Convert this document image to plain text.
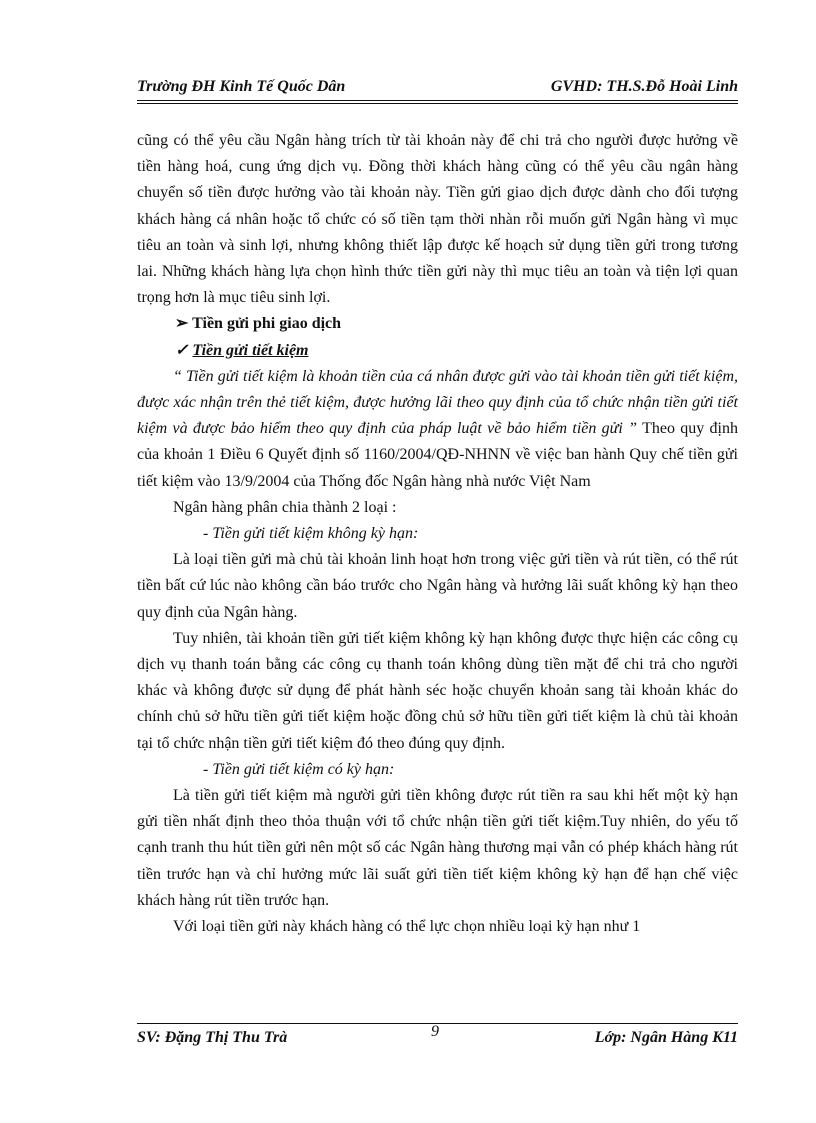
Trường ĐH Kinh Tế Quốc Dân	GVHD: TH.S.Đỗ Hoài Linh

cũng có thể yêu cầu Ngân hàng trích từ tài khoản này để chi trả cho người được hưởng về tiền hàng hoá, cung ứng dịch vụ. Đồng thời khách hàng cũng có thể yêu cầu ngân hàng chuyển số tiền được hưởng vào tài khoản này. Tiền gửi giao dịch được dành cho đối tượng khách hàng cá nhân hoặc tổ chức có số tiền tạm thời nhàn rỗi muốn gửi Ngân hàng vì mục tiêu an toàn và sinh lợi, nhưng không thiết lập được kế hoạch sử dụng tiền gửi trong tương lai. Những khách hàng lựa chọn hình thức tiền gửi này thì mục tiêu an toàn và tiện lợi quan trọng hơn là mục tiêu sinh lợi.

➢ Tiền gửi phi giao dịch

✓ Tiền gửi tiết kiệm

“ Tiền gửi tiết kiệm là khoản tiền của cá nhân được gửi vào tài khoản tiền gửi tiết kiệm, được xác nhận trên thẻ tiết kiệm, được hưởng lãi theo quy định của tổ chức nhận tiền gửi tiết kiệm và được bảo hiểm theo quy định của pháp luật về bảo hiểm tiền gửi ” Theo quy định của khoản 1 Điều 6 Quyết định số 1160/2004/QĐ-NHNN về việc ban hành Quy chế tiền gửi tiết kiệm vào 13/9/2004 của Thống đốc Ngân hàng nhà nước Việt Nam

Ngân hàng phân chia thành 2 loại :

- Tiền gửi tiết kiệm không kỳ hạn:

Là loại tiền gửi mà chủ tài khoản linh hoạt hơn trong việc gửi tiền và rút tiền, có thể rút tiền bất cứ lúc nào không cần báo trước cho Ngân hàng và hưởng lãi suất không kỳ hạn theo quy định của Ngân hàng.

Tuy nhiên, tài khoản tiền gửi tiết kiệm không kỳ hạn không được thực hiện các công cụ dịch vụ thanh toán bằng các công cụ thanh toán không dùng tiền mặt để chi trả cho người khác và không được sử dụng để phát hành séc hoặc chuyển khoản sang tài khoản khác do chính chủ sở hữu tiền gửi tiết kiệm hoặc đồng chủ sở hữu tiền gửi tiết kiệm là chủ tài khoản tại tổ chức nhận tiền gửi tiết kiệm đó theo đúng quy định.

- Tiền gửi tiết kiệm có kỳ hạn:

Là tiền gửi tiết kiệm mà người gửi tiền không được rút tiền ra sau khi hết một kỳ hạn gửi tiền nhất định theo thỏa thuận với tổ chức nhận tiền gửi tiết kiệm.Tuy nhiên, do yếu tố cạnh tranh thu hút tiền gửi nên một số các Ngân hàng thương mại vẫn có phép khách hàng rút tiền trước hạn và chỉ hưởng mức lãi suất gửi tiền tiết kiệm không kỳ hạn để hạn chế việc khách hàng rút tiền trước hạn.

Với loại tiền gửi này khách hàng có thể lực chọn nhiều loại kỳ hạn như 1

SV: Đặng Thị Thu Trà	9	Lớp: Ngân Hàng K11
